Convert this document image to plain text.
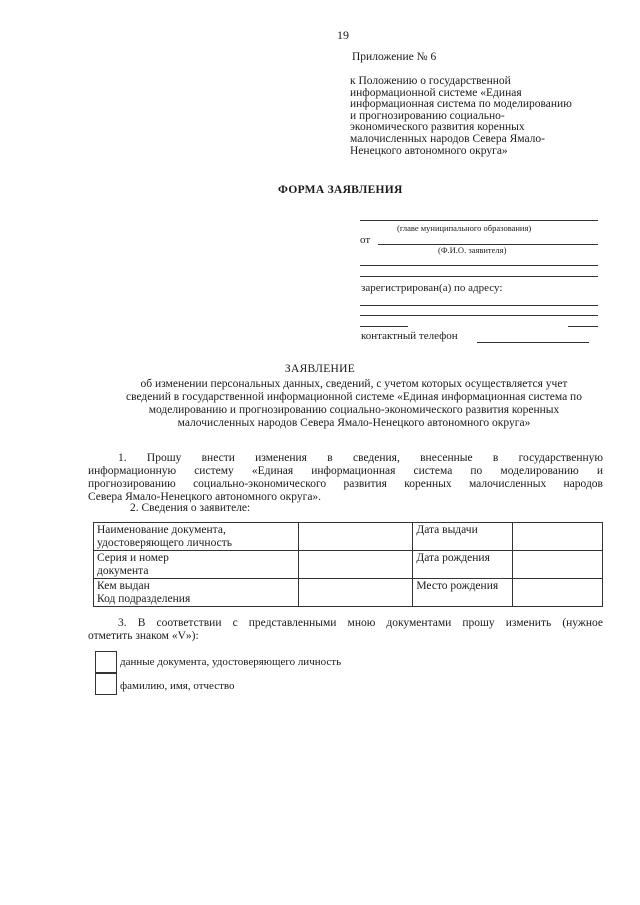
19
Приложение № 6
к Положению о государственной
информационной системе «Единая
информационная система по моделированию
и прогнозированию социально-
экономического развития коренных
малочисленных народов Севера Ямало-
Ненецкого автономного округа»
ФОРМА ЗАЯВЛЕНИЯ
(главе муниципального образования)
от
(Ф.И.О. заявителя)
зарегистрирован(а) по адресу:
контактный телефон
ЗАЯВЛЕНИЕ
об изменении персональных данных, сведений, с учетом которых осуществляется учет
сведений в государственной информационной системе «Единая информационная система по
моделированию и прогнозированию социально-экономического развития коренных
малочисленных народов Севера Ямало-Ненецкого автономного округа»
1. Прошу внести изменения в сведения, внесенные в государственную
информационную систему «Единая информационная система по моделированию и
прогнозированию социально-экономического развития коренных малочисленных народов
Севера Ямало-Ненецкого автономного округа».
2. Сведения о заявителе:
Наименование документа,
удостоверяющего личность		Дата выдачи	
Серия и номер
документа		Дата рождения	
Кем выдан
Код подразделения		Место рождения	
3. В соответствии с представленными мною документами прошу изменить (нужное
отметить знаком «V»):
данные документа, удостоверяющего личность
фамилию, имя, отчество
